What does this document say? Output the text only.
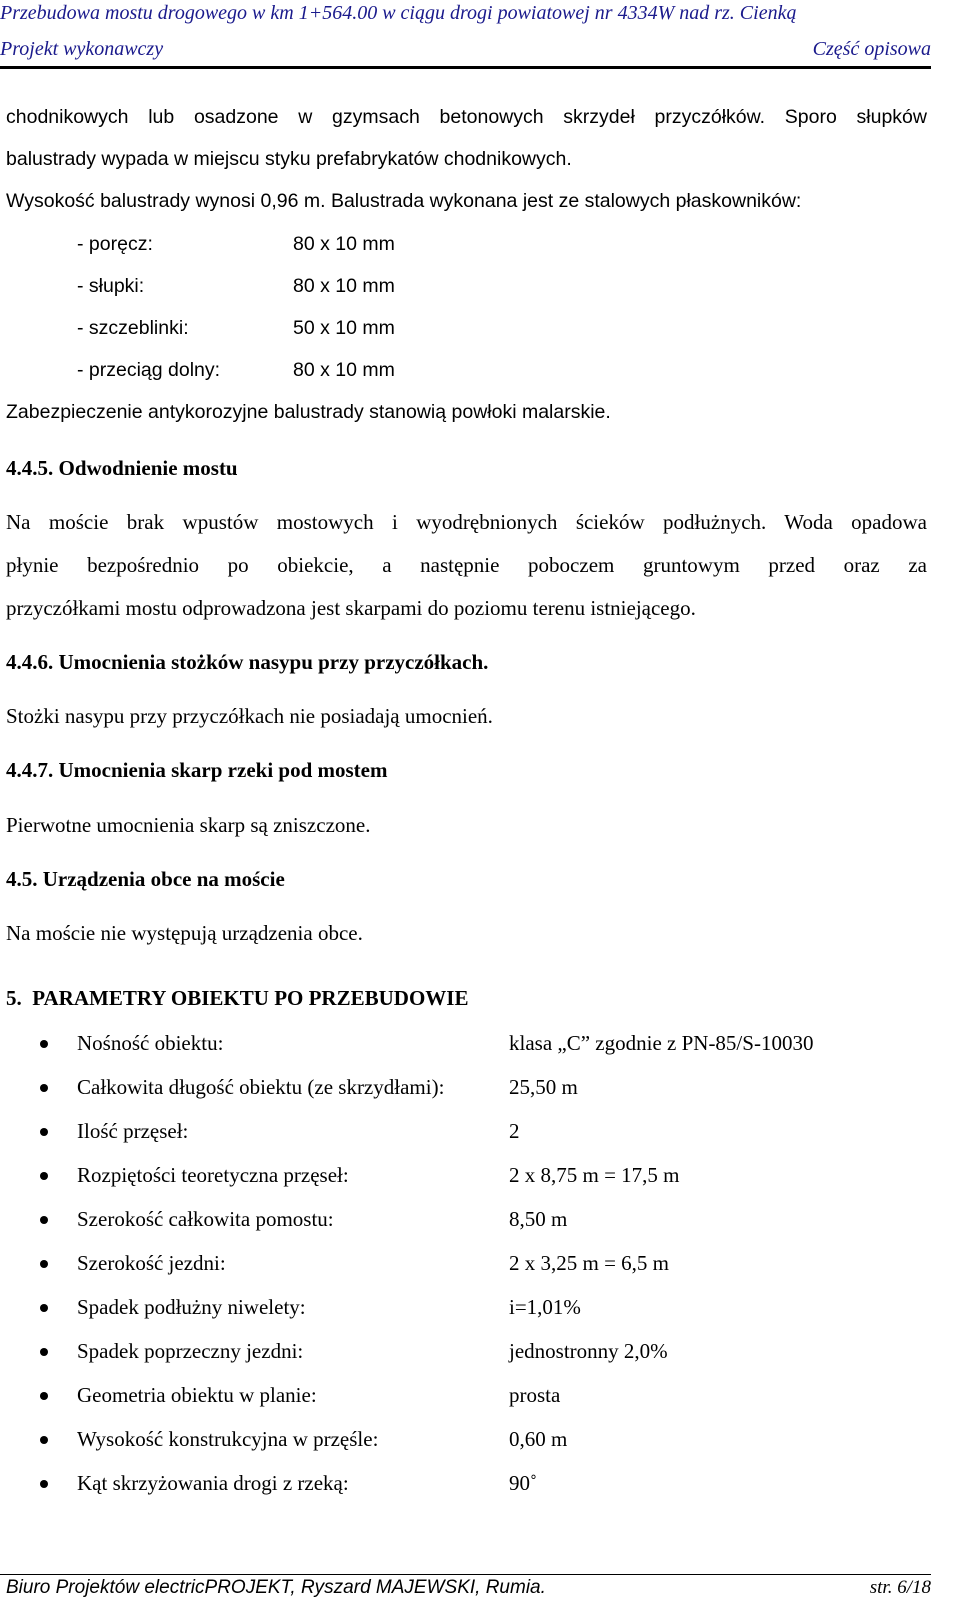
Przebudowa mostu drogowego w km 1+564.00 w ciągu drogi powiatowej nr 4334W nad rz. Cienką
Projekt wykonawczy	Część opisowa
chodnikowych lub osadzone w gzymsach betonowych skrzydeł przyczółków. Sporo słupków
balustrady wypada w miejscu styku prefabrykatów chodnikowych.
Wysokość balustrady wynosi 0,96 m. Balustrada wykonana jest ze stalowych płaskowników:
- poręcz:	80 x 10 mm
- słupki:	80 x 10 mm
- szczeblinki:	50 x 10 mm
- przeciąg dolny:	80 x 10 mm
Zabezpieczenie antykorozyjne balustrady stanowią powłoki malarskie.
4.4.5. Odwodnienie mostu
Na moście brak wpustów mostowych i wyodrębnionych ścieków podłużnych. Woda opadowa
płynie bezpośrednio po obiekcie, a następnie poboczem gruntowym przed oraz za
przyczółkami mostu odprowadzona jest skarpami do poziomu terenu istniejącego.
4.4.6. Umocnienia stożków nasypu przy przyczółkach.
Stożki nasypu przy przyczółkach nie posiadają umocnień.
4.4.7. Umocnienia skarp rzeki pod mostem
Pierwotne umocnienia skarp są zniszczone.
4.5. Urządzenia obce na moście
Na moście nie występują urządzenia obce.
5.  PARAMETRY OBIEKTU PO PRZEBUDOWIE
Nośność obiektu:	klasa „C” zgodnie z PN-85/S-10030
Całkowita długość obiektu (ze skrzydłami):	25,50 m
Ilość przęseł:	2
Rozpiętości teoretyczna przęseł:	2 x 8,75 m = 17,5 m
Szerokość całkowita pomostu:	8,50 m
Szerokość jezdni:	2 x 3,25 m = 6,5 m
Spadek podłużny niwelety:	i=1,01%
Spadek poprzeczny jezdni:	jednostronny 2,0%
Geometria obiektu w planie:	prosta
Wysokość konstrukcyjna w przęśle:	0,60 m
Kąt skrzyżowania drogi z rzeką:	90˚
Biuro Projektów electricPROJEKT, Ryszard MAJEWSKI, Rumia.	str. 6/18
